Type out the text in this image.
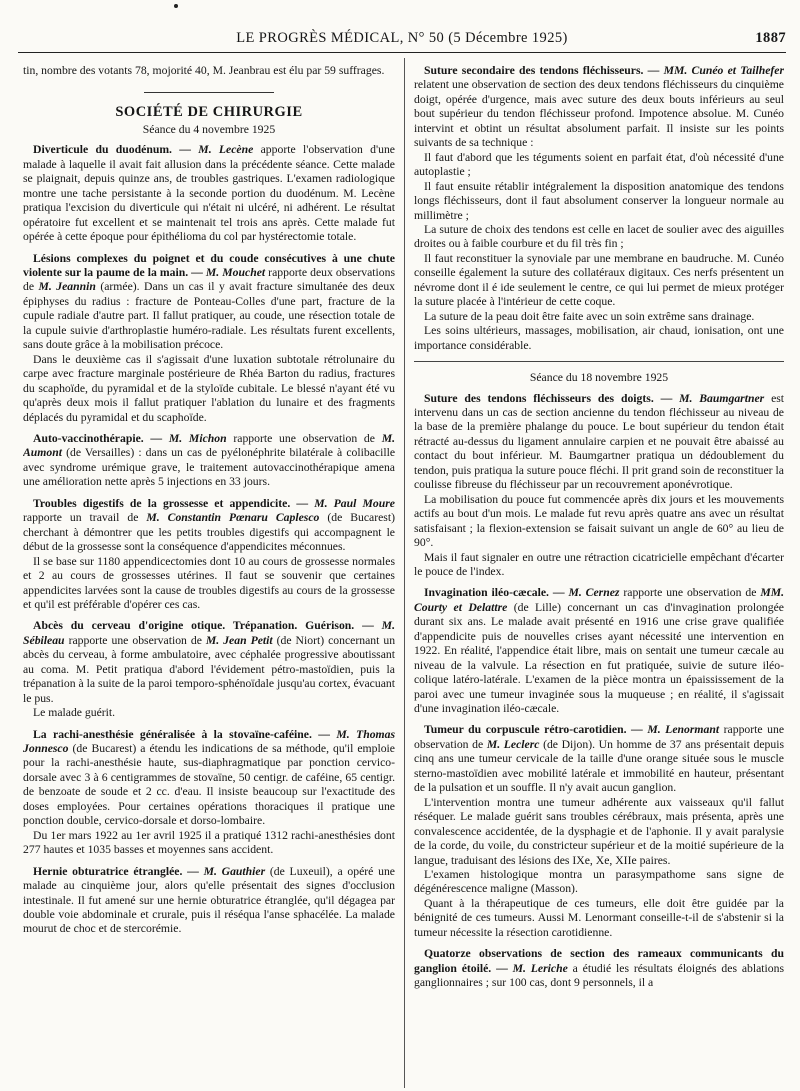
LE PROGRÈS MÉDICAL, N° 50 (5 Décembre 1925)	1887

tin, nombre des votants 78, mojorité 40, M. Jeanbrau est élu par 59 suffrages.

SOCIÉTÉ DE CHIRURGIE
Séance du 4 novembre 1925

Diverticule du duodénum. — M. Lecène apporte l'observation d'une malade à laquelle il avait fait allusion dans la précédente séance. Cette malade se plaignait, depuis quinze ans, de troubles gastriques. L'examen radiologique montre une tache persistante à la seconde portion du duodénum. M. Lecène pratiqua l'excision du diverticule qui n'était ni ulcéré, ni adhérent. Le résultat opératoire fut excellent et se maintenait tel trois ans après. Cette malade fut opérée à cette époque pour épithélioma du col par hystérectomie totale.

Lésions complexes du poignet et du coude consécutives à une chute violente sur la paume de la main. — M. Mouchet rapporte deux observations de M. Jeannin (armée). Dans un cas il y avait fracture simultanée des deux épiphyses du radius : fracture de Ponteau-Colles d'une part, fracture de la cupule radiale d'autre part. Il fallut pratiquer, au coude, une résection totale de la cupule suivie d'arthroplastie huméro-radiale. Les résultats furent excellents, sans doute grâce à la mobilisation précoce.

Dans le deuxième cas il s'agissait d'une luxation subtotale rétrolunaire du carpe avec fracture marginale postérieure de Rhéa Barton du radius, fractures du scaphoïde, du pyramidal et de la styloïde cubitale. Le blessé n'ayant été vu qu'après deux mois il fallut pratiquer l'ablation du lunaire et des fragments déplacés du pyramidal et du scaphoïde.

Auto-vaccinothérapie. — M. Michon rapporte une observation de M. Aumont (de Versailles) : dans un cas de pyélonéphrite bilatérale à colibacille avec syndrome urémique grave, le traitement autovaccinothérapique amena une amélioration nette après 5 injections en 33 jours.

Troubles digestifs de la grossesse et appendicite. — M. Paul Moure rapporte un travail de M. Constantin Pœnaru Caplesco (de Bucarest) cherchant à démontrer que les petits troubles digestifs qui accompagnent le début de la grossesse sont la conséquence d'appendicites méconnues.

Il se base sur 1180 appendicectomies dont 10 au cours de grossesse normales et 2 au cours de grossesses utérines. Il faut se souvenir que certaines appendicites larvées sont la cause de troubles digestifs au cours de la grossesse et qu'il est préférable d'opérer ces cas.

Abcès du cerveau d'origine otique. Trépanation. Guérison. — M. Sébileau rapporte une observation de M. Jean Petit (de Niort) concernant un abcès du cerveau, à forme ambulatoire, avec céphalée progressive aboutissant au coma. M. Petit pratiqua d'abord l'évidement pétro-mastoïdien, puis la trépanation à la suite de la paroi temporo-sphénoïdale jusqu'au cortex, évacuant le pus.

Le malade guérit.

La rachi-anesthésie généralisée à la stovaïne-caféine. — M. Thomas Jonnesco (de Bucarest) a étendu les indications de sa méthode, qu'il emploie pour la rachi-anesthésie haute, sus-diaphragmatique par ponction cervico-dorsale avec 3 à 6 centigrammes de stovaïne, 50 centigr. de caféine, 65 centigr. de benzoate de soude et 2 cc. d'eau. Il insiste beaucoup sur l'exactitude des doses employées. Pour certaines opérations thoraciques il pratique une ponction double, cervico-dorsale et dorso-lombaire.

Du 1er mars 1922 au 1er avril 1925 il a pratiqué 1312 rachi-anesthésies dont 277 hautes et 1035 basses et moyennes sans accident.

Hernie obturatrice étranglée. — M. Gauthier (de Luxeuil), a opéré une malade au cinquième jour, alors qu'elle présentait des signes d'occlusion intestinale. Il fut amené sur une hernie obturatrice étranglée, qu'il dégagea par double voie abdominale et crurale, puis il réséqua l'anse sphacélée. La malade mourut de choc et de stercorémie.

Suture secondaire des tendons fléchisseurs. — MM. Cunéo et Tailhefer relatent une observation de section des deux tendons fléchisseurs du cinquième doigt, opérée d'urgence, mais avec suture des deux bouts inférieurs au seul bout supérieur du tendon fléchisseur profond. Impotence absolue. M. Cunéo intervint et obtint un résultat absolument parfait. Il insiste sur les points suivants de sa technique :

Il faut d'abord que les téguments soient en parfait état, d'où nécessité d'une autoplastie ;

Il faut ensuite rétablir intégralement la disposition anatomique des tendons longs fléchisseurs, dont il faut absolument conserver la longueur normale au millimètre ;

La suture de choix des tendons est celle en lacet de soulier avec des aiguilles droites ou à faible courbure et du fil très fin ;

Il faut reconstituer la synoviale par une membrane en baudruche. M. Cunéo conseille également la suture des collatéraux digitaux. Ces nerfs présentent un névrome dont il é ide seulement le centre, ce qui lui permet de mieux protéger la suture placée à l'intérieur de cette coque.

La suture de la peau doit être faite avec un soin extrême sans drainage.

Les soins ultérieurs, massages, mobilisation, air chaud, ionisation, ont une importance considérable.

Séance du 18 novembre 1925

Suture des tendons fléchisseurs des doigts. — M. Baumgartner est intervenu dans un cas de section ancienne du tendon fléchisseur au niveau de la base de la première phalange du pouce. Le bout supérieur du tendon était rétracté au-dessus du ligament annulaire carpien et ne pouvait être abaissé au contact du bout inférieur. M. Baumgartner pratiqua un dédoublement du tendon, puis pratiqua la suture pouce fléchi. Il prit grand soin de reconstituer la coulisse fibreuse du fléchisseur par un recouvrement aponévrotique.

La mobilisation du pouce fut commencée après dix jours et les mouvements actifs au bout d'un mois. Le malade fut revu après quatre ans avec un résultat satisfaisant ; la flexion-extension se faisait suivant un angle de 60° au lieu de 90°.

Mais il faut signaler en outre une rétraction cicatricielle empêchant d'écarter le pouce de l'index.

Invagination iléo-cæcale. — M. Cernez rapporte une observation de MM. Courty et Delattre (de Lille) concernant un cas d'invagination prolongée durant six ans. Le malade avait présenté en 1916 une crise grave qualifiée d'appendicite puis de nouvelles crises ayant nécessité une intervention en 1922. En réalité, l'appendice était libre, mais on sentait une tumeur cæcale au niveau de la valvule. La résection en fut pratiquée, suivie de suture iléo-colique latéro-latérale. L'examen de la pièce montra un épaississement de la paroi avec une tumeur invaginée sous la muqueuse ; en réalité, il s'agissait d'une invagination iléo-cæcale.

Tumeur du corpuscule rétro-carotidien. — M. Lenormant rapporte une observation de M. Leclerc (de Dijon). Un homme de 37 ans présentait depuis cinq ans une tumeur cervicale de la taille d'une orange située sous le muscle sterno-mastoïdien avec mobilité latérale et immobilité en hauteur, présentant de la pulsation et un souffle. Il n'y avait aucun ganglion.

L'intervention montra une tumeur adhérente aux vaisseaux qu'il fallut réséquer. Le malade guérit sans troubles cérébraux, mais présenta, après une convalescence accidentée, de la dysphagie et de l'aphonie. Il y avait paralysie de la corde, du voile, du constricteur supérieur et de la moitié supérieure de la langue, traduisant des lésions des IXe, Xe, XIIe paires.

L'examen histologique montra un parasympathome sans signe de dégénérescence maligne (Masson).

Quant à la thérapeutique de ces tumeurs, elle doit être guidée par la bénignité de ces tumeurs. Aussi M. Lenormant conseille-t-il de s'abstenir si la tumeur nécessite la résection carotidienne.

Quatorze observations de section des rameaux communicants du ganglion étoilé. — M. Leriche a étudié les résultats éloignés des ablations ganglionnaires ; sur 100 cas, dont 9 personnels, il a
